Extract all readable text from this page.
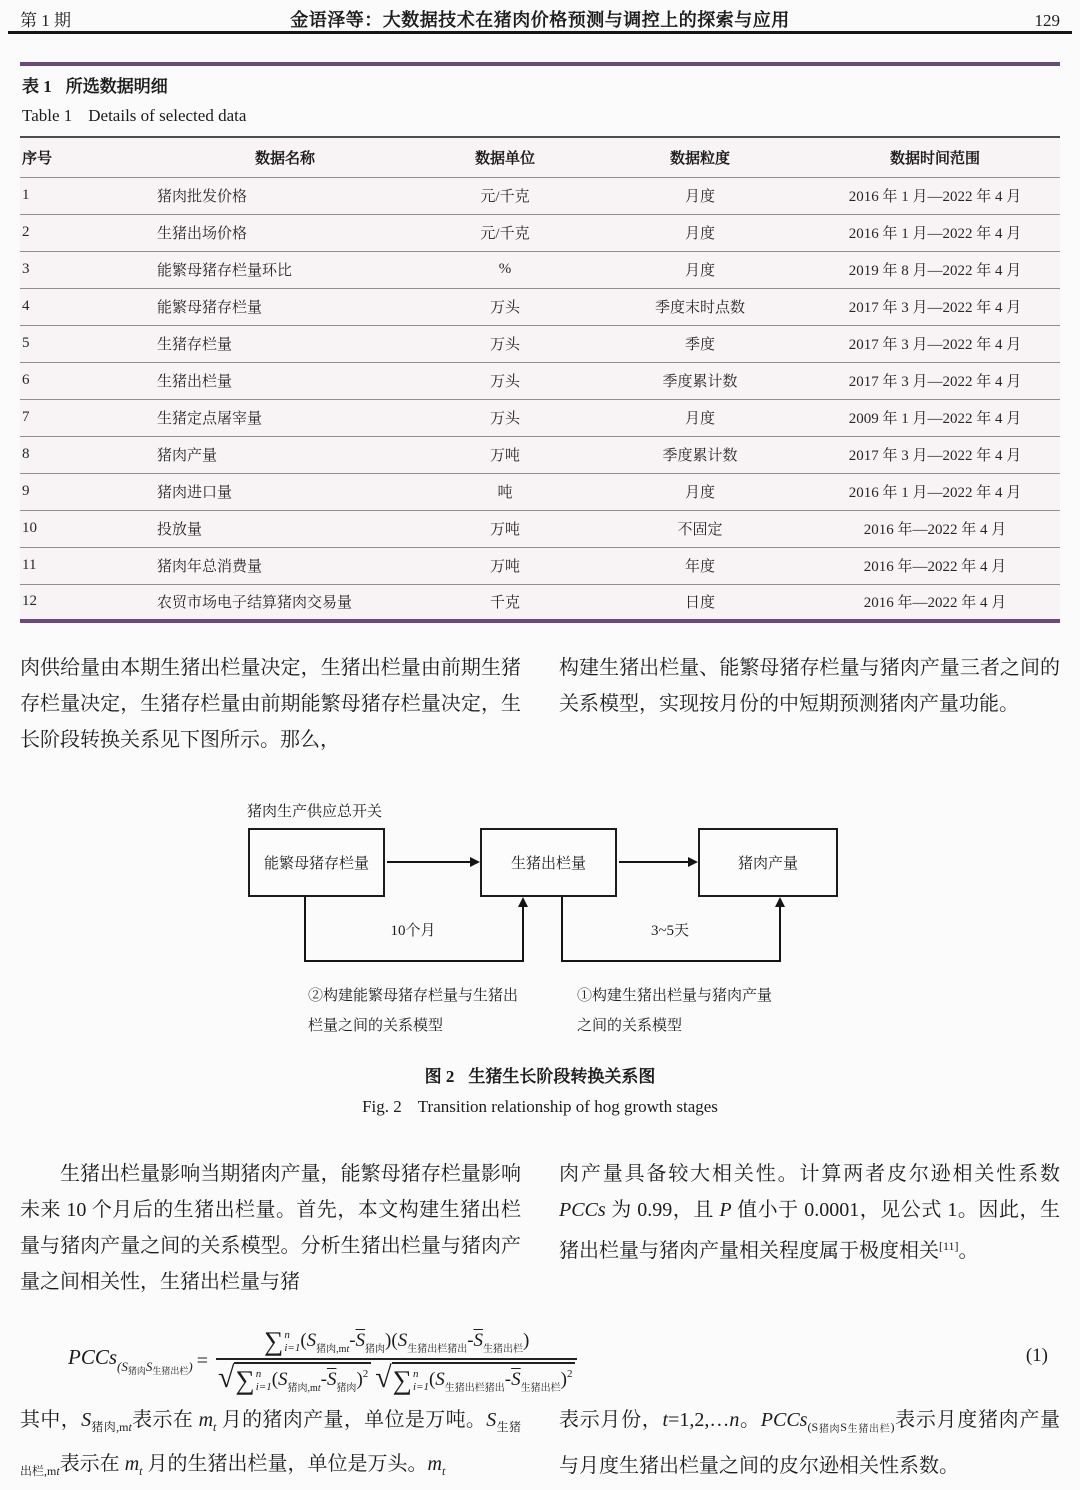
第 1 期	金语泽等：大数据技术在猪肉价格预测与调控上的探索与应用	129
表 1 所选数据明细
Table 1 Details of selected data
序号	数据名称	数据单位	数据粒度	数据时间范围
1	猪肉批发价格	元/千克	月度	2016 年 1 月—2022 年 4 月
2	生猪出场价格	元/千克	月度	2016 年 1 月—2022 年 4 月
3	能繁母猪存栏量环比	%	月度	2019 年 8 月—2022 年 4 月
4	能繁母猪存栏量	万头	季度末时点数	2017 年 3 月—2022 年 4 月
5	生猪存栏量	万头	季度	2017 年 3 月—2022 年 4 月
6	生猪出栏量	万头	季度累计数	2017 年 3 月—2022 年 4 月
7	生猪定点屠宰量	万头	月度	2009 年 1 月—2022 年 4 月
8	猪肉产量	万吨	季度累计数	2017 年 3 月—2022 年 4 月
9	猪肉进口量	吨	月度	2016 年 1 月—2022 年 4 月
10	投放量	万吨	不固定	2016 年—2022 年 4 月
11	猪肉年总消费量	万吨	年度	2016 年—2022 年 4 月
12	农贸市场电子结算猪肉交易量	千克	日度	2016 年—2022 年 4 月
肉供给量由本期生猪出栏量决定，生猪出栏量由前期生猪存栏量决定，生猪存栏量由前期能繁母猪存栏量决定，生长阶段转换关系见下图所示。那么，
构建生猪出栏量、能繁母猪存栏量与猪肉产量三者之间的关系模型，实现按月份的中短期预测猪肉产量功能。
猪肉生产供应总开关
能繁母猪存栏量	生猪出栏量	猪肉产量
10个月	3~5天
②构建能繁母猪存栏量与生猪出
栏量之间的关系模型
①构建生猪出栏量与猪肉产量
之间的关系模型
图 2 生猪生长阶段转换关系图
Fig. 2 Transition relationship of hog growth stages
生猪出栏量影响当期猪肉产量，能繁母猪存栏量影响未来 10 个月后的生猪出栏量。首先，本文构建生猪出栏量与猪肉产量之间的关系模型。分析生猪出栏量与猪肉产量之间相关性，生猪出栏量与猪
肉产量具备较大相关性。计算两者皮尔逊相关性系数 PCCs 为 0.99，且 P 值小于 0.0001，见公式 1。因此，生猪出栏量与猪肉产量相关程度属于极度相关[11]。
PCCs$_{(S_{猪肉}S_{生猪出栏})}$ = ∑ n
i=1 $(S_{猪肉,mt}-\overline{S}_{猪肉})(S_{生猪出栏猪出}-\overline{S}_{生猪出栏})$
√ ∑ n
i=1 $(S_{猪肉,mt}-\overline{S}_{猪肉})^2$ √ ∑ n
i=1 $(S_{生猪出栏猪出}-\overline{S}_{生猪出栏})^2$	(1)
其中，$S_{猪肉,mt}$表示在 $m_t$ 月的猪肉产量，单位是万吨。$S_{生猪出栏,mt}$表示在 $m_t$ 月的生猪出栏量，单位是万头。$m_t$
表示月份，t=1,2,…n。PCCs$_{(S猪肉S生猪出栏)}$表示月度猪肉产量与月度生猪出栏量之间的皮尔逊相关性系数。
